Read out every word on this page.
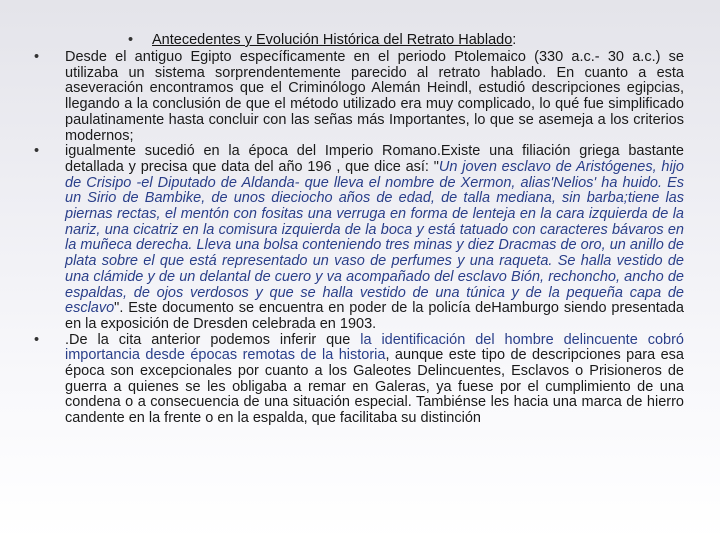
• Antecedentes y Evolución Histórica del Retrato Hablado:
•	Desde el antiguo Egipto específicamente en el periodo Ptolemaico (330 a.c.- 30 a.c.) se utilizaba un sistema sorprendentemente parecido al retrato hablado. En cuanto a esta aseveración encontramos que el Criminólogo Alemán Heindl, estudió descripciones egipcias, llegando a la conclusión de que el método utilizado era muy complicado, lo qué fue simplificado paulatinamente hasta concluir con las señas más Importantes, lo que se asemeja a los criterios modernos;
•	igualmente sucedió en la época del Imperio Romano.Existe una filiación griega bastante detallada y precisa que data del año 196 , que dice así: "Un joven esclavo de Aristógenes, hijo de Crisipo -el Diputado de Aldanda- que lleva el nombre de Xermon, alias'Nelios' ha huido. Es un Sirio de Bambike, de unos dieciocho años de edad, de talla mediana, sin barba;tiene las piernas rectas, el mentón con fositas una verruga en forma de lenteja en la cara izquierda de la nariz, una cicatriz en la comisura izquierda de la boca y está tatuado con caracteres bávaros en la muñeca derecha. Lleva una bolsa conteniendo tres minas y diez Dracmas de oro, un anillo de plata sobre el que está representado un vaso de perfumes y una raqueta. Se halla vestido de una clámide y de un delantal de cuero y va acompañado del esclavo Bión, rechoncho, ancho de espaldas, de ojos verdosos y que se halla vestido de una túnica y de la pequeña capa de esclavo". Este documento se encuentra en poder de la policía deHamburgo siendo presentada en la exposición de Dresden celebrada en 1903.
•	.De la cita anterior podemos inferir que la identificación del hombre delincuente cobró importancia desde épocas remotas de la historia, aunque este tipo de descripciones para esa época son excepcionales por cuanto a los Galeotes Delincuentes, Esclavos o Prisioneros de guerra a quienes se les obligaba a remar en Galeras, ya fuese por el cumplimiento de una condena o a consecuencia de una situación especial. Tambiénse les hacia una marca de hierro candente en la frente o en la espalda, que facilitaba su distinción
